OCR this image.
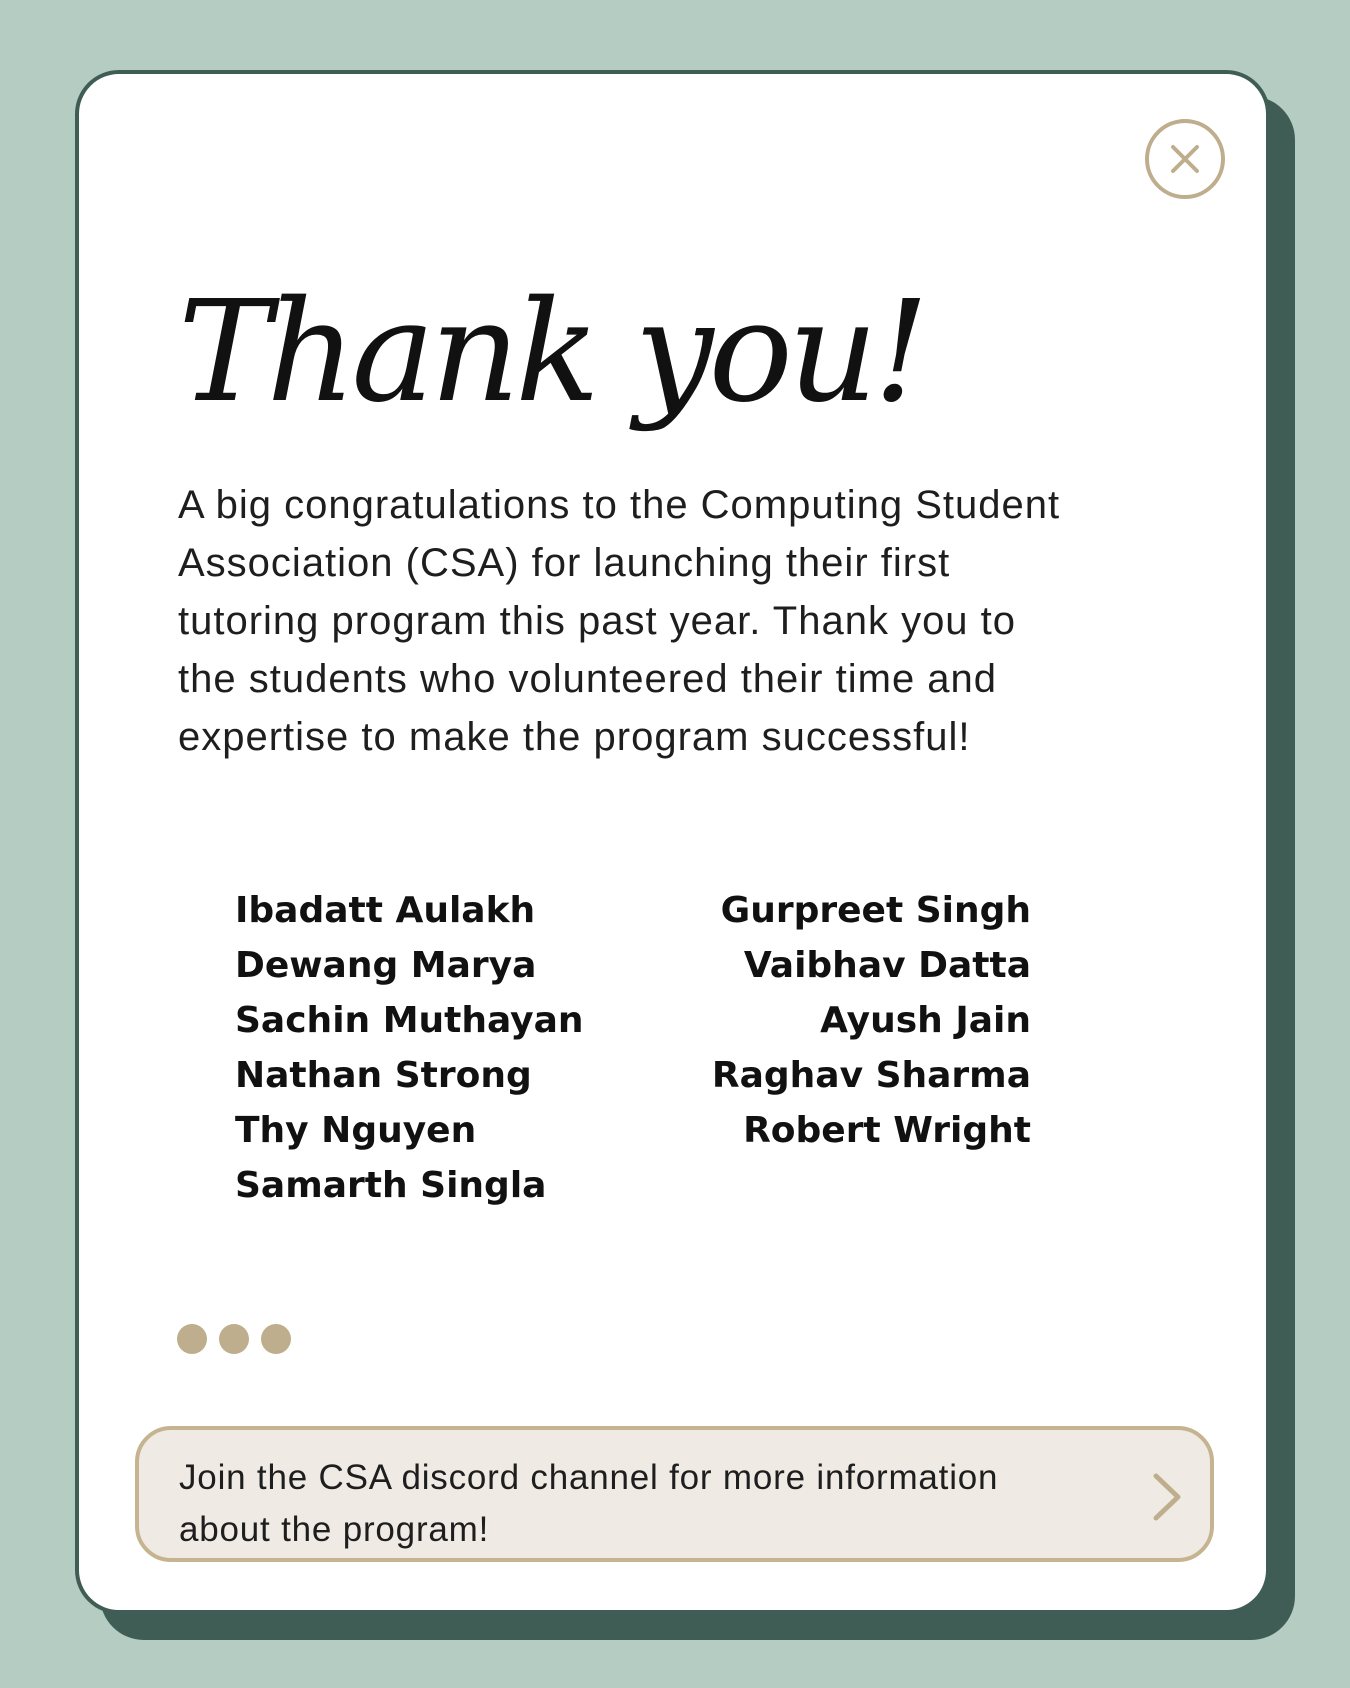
Thank you!

A big congratulations to the Computing Student Association (CSA) for launching their first tutoring program this past year. Thank you to the students who volunteered their time and expertise to make the program successful!

Ibadatt Aulakh
Dewang Marya
Sachin Muthayan
Nathan Strong
Thy Nguyen
Samarth Singla
Gurpreet Singh
Vaibhav Datta
Ayush Jain
Raghav Sharma
Robert Wright
Join the CSA discord channel for more information about the program!
